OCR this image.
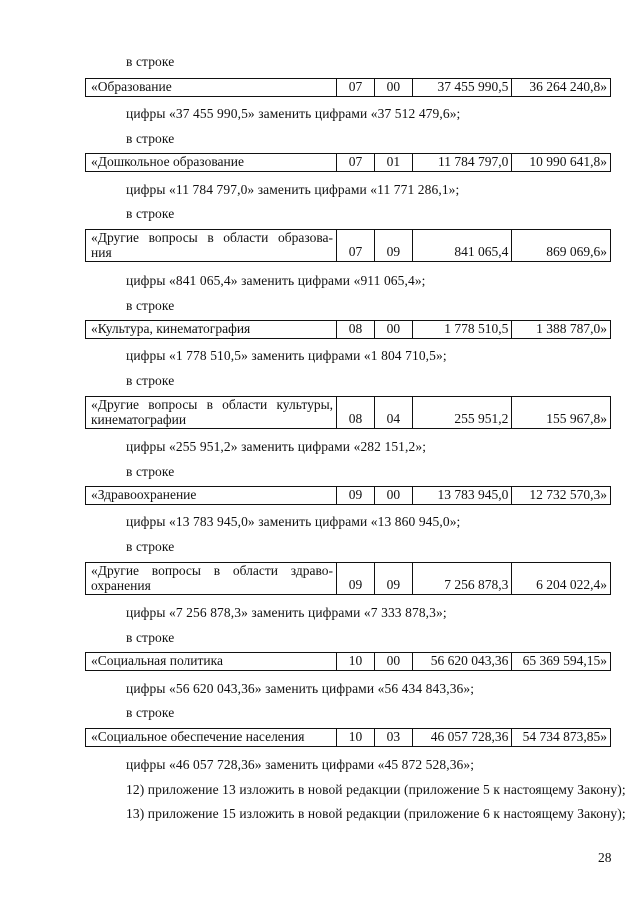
в строке
«Образование	07	00	37 455 990,5	36 264 240,8»
цифры «37 455 990,5» заменить цифрами «37 512 479,6»;
в строке
«Дошкольное образование	07	01	11 784 797,0	10 990 641,8»
цифры «11 784 797,0» заменить цифрами «11 771 286,1»;
в строке
«Другие вопросы в области образова-
ния	07	09	841 065,4	869 069,6»
цифры «841 065,4» заменить цифрами «911 065,4»;
в строке
«Культура, кинематография	08	00	1 778 510,5	1 388 787,0»
цифры «1 778 510,5» заменить цифрами «1 804 710,5»;
в строке
«Другие вопросы в области культуры,
кинематографии	08	04	255 951,2	155 967,8»
цифры «255 951,2» заменить цифрами «282 151,2»;
в строке
«Здравоохранение	09	00	13 783 945,0	12 732 570,3»
цифры «13 783 945,0» заменить цифрами «13 860 945,0»;
в строке
«Другие вопросы в области здраво-
охранения	09	09	7 256 878,3	6 204 022,4»
цифры «7 256 878,3» заменить цифрами «7 333 878,3»;
в строке
«Социальная политика	10	00	56 620 043,36	65 369 594,15»
цифры «56 620 043,36» заменить цифрами «56 434 843,36»;
в строке
«Социальное обеспечение населения	10	03	46 057 728,36	54 734 873,85»
цифры «46 057 728,36» заменить цифрами «45 872 528,36»;
12) приложение 13 изложить в новой редакции (приложение 5 к настоящему Закону);
13) приложение 15 изложить в новой редакции (приложение 6 к настоящему Закону);
28
